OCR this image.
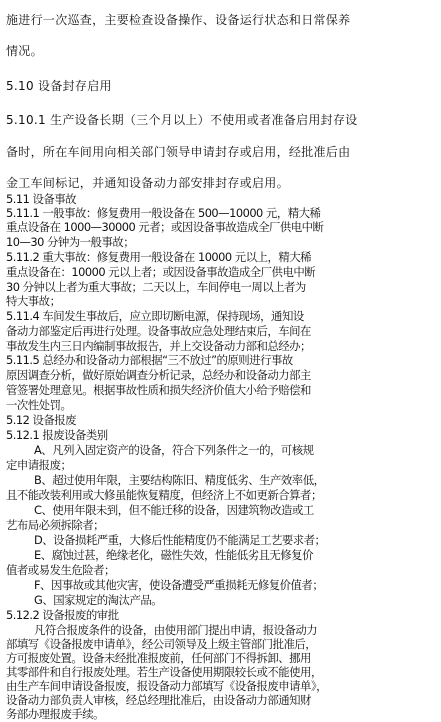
施进行一次巡查，主要检查设备操作、设备运行状态和日常保养
情况。
5.10 设备封存启用
5.10.1 生产设备长期（三个月以上）不使用或者准备启用封存设
备时，所在车间用向相关部门领导申请封存或启用，经批准后由
金工车间标记，并通知设备动力部安排封存或启用。
5.11 设备事故
5.11.1 一般事故：修复费用一般设备在 500—10000 元，精大稀
重点设备在 1000—30000 元者；或因设备事故造成全厂供电中断
10—30 分钟为一般事故；
5.11.2 重大事故：修复费用一般设备在 10000 元以上，精大稀
重点设备在：10000 元以上者；或因设备事故造成全厂供电中断
30 分钟以上者为重大事故；二天以上，车间停电一周以上者为
特大事故；
5.11.4 车间发生事故后，应立即切断电源，保持现场，通知设
备动力部鉴定后再进行处理。设备事故应急处理结束后，车间在
事故发生内三日内编制事故报告，并上交设备动力部和总经办；
5.11.5 总经办和设备动力部根据“三不放过”的原则进行事故
原因调查分析，做好原始调查分析记录，总经办和设备动力部主
管签署处理意见。根据事故性质和损失经济价值大小给予赔偿和
一次性处罚。
5.12 设备报废
5.12.1 报废设备类别
A、凡列入固定资产的设备，符合下列条件之一的，可核规
定申请报废；
B、超过使用年限，主要结构陈旧、精度低劣、生产效率低，
且不能改装利用或大修虽能恢复精度，但经济上不如更新合算者；
C、使用年限未到，但不能迁移的设备，因建筑物改造或工
艺布局必须拆除者；
D、设备损耗严重，大修后性能精度仍不能满足工艺要求者；
E、腐蚀过甚，绝缘老化，磁性失效，性能低劣且无修复价
值者或易发生危险者；
F、因事故或其他灾害，使设备遭受严重损耗无修复价值者；
G、国家规定的淘汰产品。
5.12.2 设备报废的审批
凡符合报废条件的设备，由使用部门提出申请，报设备动力
部填写《设备报废申请单》，经公司领导及上级主管部门批准后，
方可报废处置。设备未经批准报废前，任何部门不得拆卸、挪用
其零部件和自行报废处理。若生产设备使用期限较长或不能使用，
由生产车间申请设备报废，报设备动力部填写《设备报废申请单》，
设备动力部负责人审核，经总经理批准后，由设备动力部通知财
务部办理报废手续。
